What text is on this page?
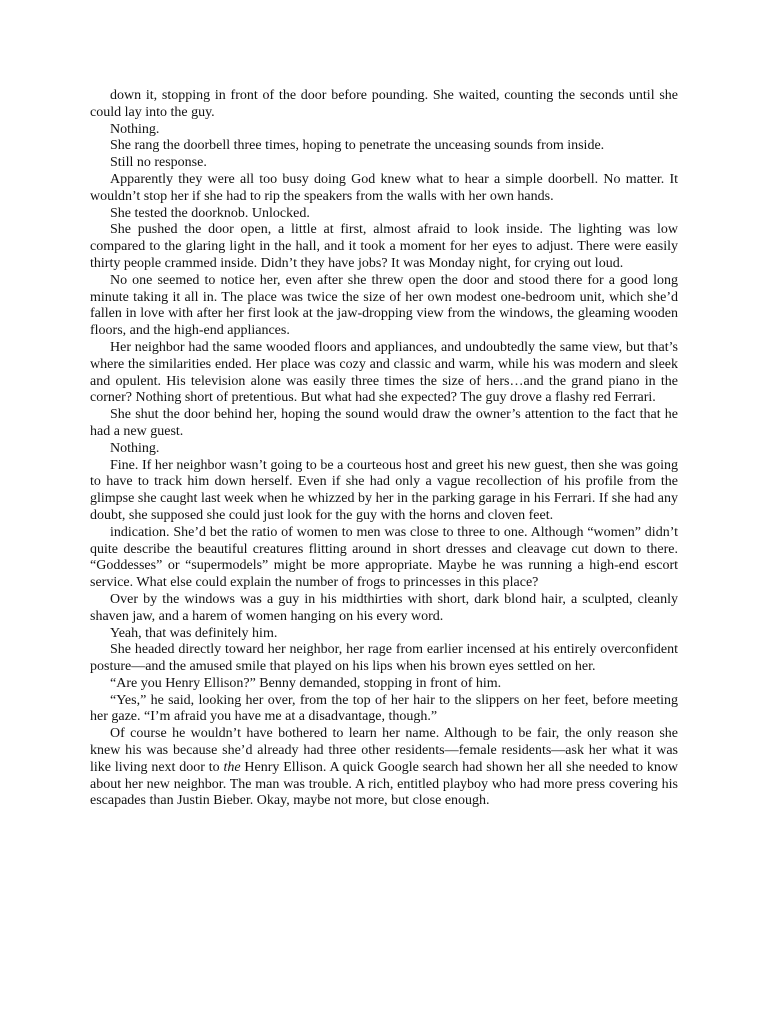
down it, stopping in front of the door before pounding. She waited, counting the seconds until she could lay into the guy.

Nothing.

She rang the doorbell three times, hoping to penetrate the unceasing sounds from inside.

Still no response.

Apparently they were all too busy doing God knew what to hear a simple doorbell. No matter. It wouldn’t stop her if she had to rip the speakers from the walls with her own hands.

She tested the doorknob. Unlocked.

She pushed the door open, a little at first, almost afraid to look inside. The lighting was low compared to the glaring light in the hall, and it took a moment for her eyes to adjust. There were easily thirty people crammed inside. Didn’t they have jobs? It was Monday night, for crying out loud.

No one seemed to notice her, even after she threw open the door and stood there for a good long minute taking it all in. The place was twice the size of her own modest one-bedroom unit, which she’d fallen in love with after her first look at the jaw-dropping view from the windows, the gleaming wooden floors, and the high-end appliances.

Her neighbor had the same wooded floors and appliances, and undoubtedly the same view, but that’s where the similarities ended. Her place was cozy and classic and warm, while his was modern and sleek and opulent. His television alone was easily three times the size of hers…and the grand piano in the corner? Nothing short of pretentious. But what had she expected? The guy drove a flashy red Ferrari.

She shut the door behind her, hoping the sound would draw the owner’s attention to the fact that he had a new guest.

Nothing.

Fine. If her neighbor wasn’t going to be a courteous host and greet his new guest, then she was going to have to track him down herself. Even if she had only a vague recollection of his profile from the glimpse she caught last week when he whizzed by her in the parking garage in his Ferrari. If she had any doubt, she supposed she could just look for the guy with the horns and cloven feet.

indication. She’d bet the ratio of women to men was close to three to one. Although “women” didn’t quite describe the beautiful creatures flitting around in short dresses and cleavage cut down to there. “Goddesses” or “supermodels” might be more appropriate. Maybe he was running a high-end escort service. What else could explain the number of frogs to princesses in this place?

Over by the windows was a guy in his midthirties with short, dark blond hair, a sculpted, cleanly shaven jaw, and a harem of women hanging on his every word.

Yeah, that was definitely him.

She headed directly toward her neighbor, her rage from earlier incensed at his entirely overconfident posture—and the amused smile that played on his lips when his brown eyes settled on her.

“Are you Henry Ellison?” Benny demanded, stopping in front of him.

“Yes,” he said, looking her over, from the top of her hair to the slippers on her feet, before meeting her gaze. “I’m afraid you have me at a disadvantage, though.”

Of course he wouldn’t have bothered to learn her name. Although to be fair, the only reason she knew his was because she’d already had three other residents—female residents—ask her what it was like living next door to the Henry Ellison. A quick Google search had shown her all she needed to know about her new neighbor. The man was trouble. A rich, entitled playboy who had more press covering his escapades than Justin Bieber. Okay, maybe not more, but close enough.
